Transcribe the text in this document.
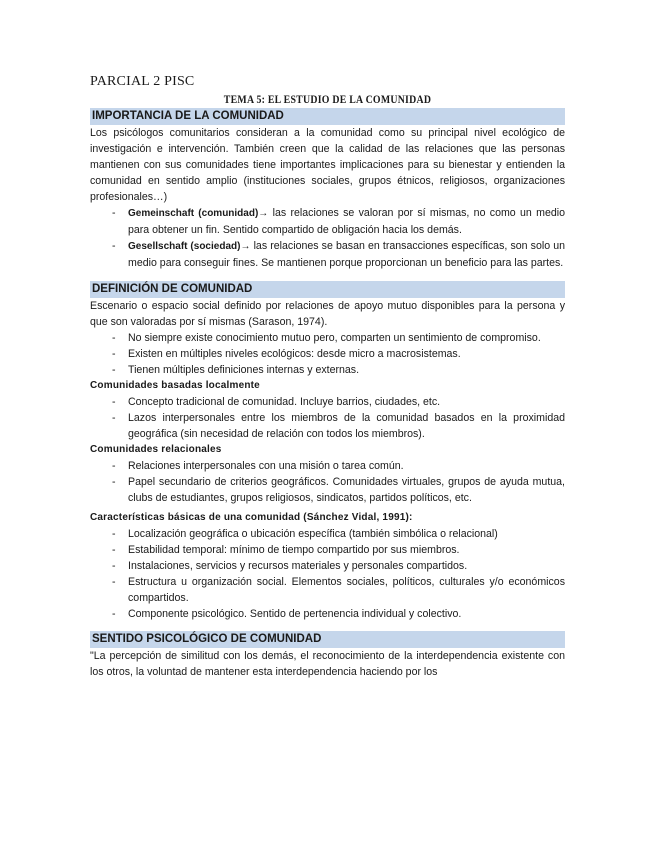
PARCIAL 2 PISC

TEMA 5: EL ESTUDIO DE LA COMUNIDAD

IMPORTANCIA DE LA COMUNIDAD

Los psicólogos comunitarios consideran a la comunidad como su principal nivel ecológico de investigación e intervención. También creen que la calidad de las relaciones que las personas mantienen con sus comunidades tiene importantes implicaciones para su bienestar y entienden la comunidad en sentido amplio (instituciones sociales, grupos étnicos, religiosos, organizaciones profesionales…)

- Gemeinschaft (comunidad)→ las relaciones se valoran por sí mismas, no como un medio para obtener un fin. Sentido compartido de obligación hacia los demás.
- Gesellschaft (sociedad)→ las relaciones se basan en transacciones específicas, son solo un medio para conseguir fines. Se mantienen porque proporcionan un beneficio para las partes.

DEFINICIÓN DE COMUNIDAD

Escenario o espacio social definido por relaciones de apoyo mutuo disponibles para la persona y que son valoradas por sí mismas (Sarason, 1974).

- No siempre existe conocimiento mutuo pero, comparten un sentimiento de compromiso.
- Existen en múltiples niveles ecológicos: desde micro a macrosistemas.
- Tienen múltiples definiciones internas y externas.

Comunidades basadas localmente

- Concepto tradicional de comunidad. Incluye barrios, ciudades, etc.
- Lazos interpersonales entre los miembros de la comunidad basados en la proximidad geográfica (sin necesidad de relación con todos los miembros).

Comunidades relacionales

- Relaciones interpersonales con una misión o tarea común.
- Papel secundario de criterios geográficos. Comunidades virtuales, grupos de ayuda mutua, clubs de estudiantes, grupos religiosos, sindicatos, partidos políticos, etc.

Características básicas de una comunidad (Sánchez Vidal, 1991):

- Localización geográfica o ubicación específica (también simbólica o relacional)
- Estabilidad temporal: mínimo de tiempo compartido por sus miembros.
- Instalaciones, servicios y recursos materiales y personales compartidos.
- Estructura u organización social. Elementos sociales, políticos, culturales y/o económicos compartidos.
- Componente psicológico. Sentido de pertenencia individual y colectivo.

SENTIDO PSICOLÓGICO DE COMUNIDAD

"La percepción de similitud con los demás, el reconocimiento de la interdependencia existente con los otros, la voluntad de mantener esta interdependencia haciendo por los
